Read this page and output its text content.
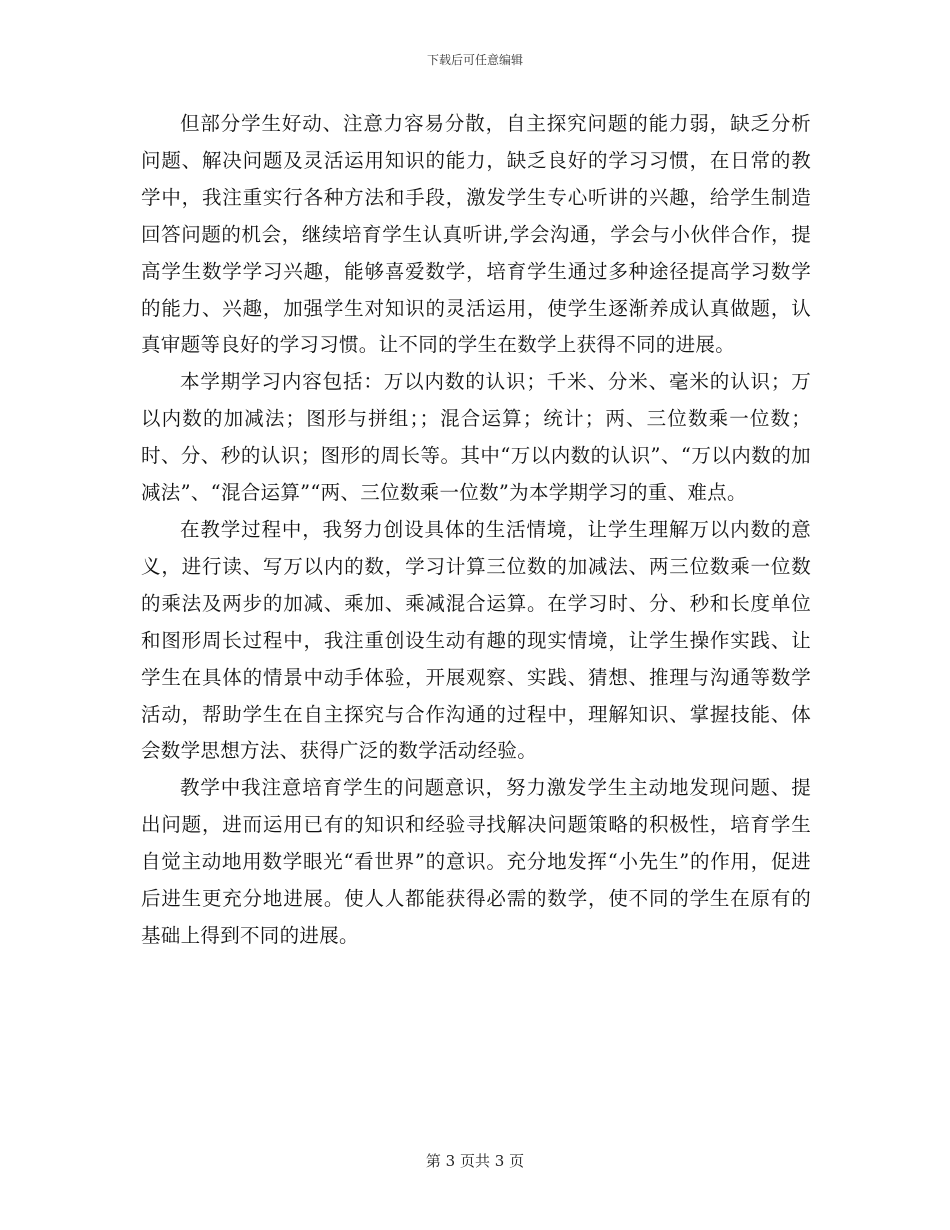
下载后可任意编辑

但部分学生好动、注意力容易分散，自主探究问题的能力弱，缺乏分析问题、解决问题及灵活运用知识的能力，缺乏良好的学习习惯，在日常的教学中，我注重实行各种方法和手段，激发学生专心听讲的兴趣，给学生制造回答问题的机会，继续培育学生认真听讲,学会沟通，学会与小伙伴合作，提高学生数学学习兴趣，能够喜爱数学，培育学生通过多种途径提高学习数学的能力、兴趣，加强学生对知识的灵活运用，使学生逐渐养成认真做题，认真审题等良好的学习习惯。让不同的学生在数学上获得不同的进展。

本学期学习内容包括：万以内数的认识；千米、分米、毫米的认识；万以内数的加减法；图形与拼组；；混合运算；统计；两、三位数乘一位数；时、分、秒的认识；图形的周长等。其中“万以内数的认识”、“万以内数的加减法”、“混合运算”“两、三位数乘一位数”为本学期学习的重、难点。

在教学过程中，我努力创设具体的生活情境，让学生理解万以内数的意义，进行读、写万以内的数，学习计算三位数的加减法、两三位数乘一位数的乘法及两步的加减、乘加、乘减混合运算。在学习时、分、秒和长度单位和图形周长过程中，我注重创设生动有趣的现实情境，让学生操作实践、让学生在具体的情景中动手体验，开展观察、实践、猜想、推理与沟通等数学活动，帮助学生在自主探究与合作沟通的过程中，理解知识、掌握技能、体会数学思想方法、获得广泛的数学活动经验。

教学中我注意培育学生的问题意识，努力激发学生主动地发现问题、提出问题，进而运用已有的知识和经验寻找解决问题策略的积极性，培育学生自觉主动地用数学眼光“看世界”的意识。充分地发挥“小先生”的作用，促进后进生更充分地进展。使人人都能获得必需的数学，使不同的学生在原有的基础上得到不同的进展。

第 3 页共 3 页
